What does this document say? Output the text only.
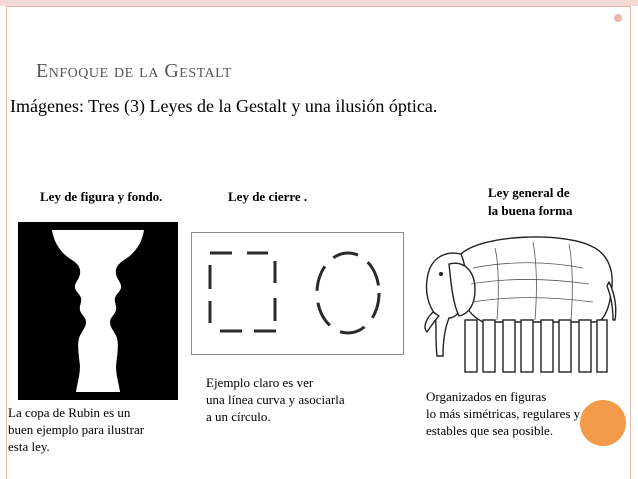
Enfoque de la Gestalt
Imágenes: Tres (3) Leyes de la Gestalt y una ilusión óptica.
Ley de figura y fondo.
La copa de Rubin es un
buen ejemplo para ilustrar
esta ley.
Ley de cierre .
Ejemplo claro es ver
una línea curva y asociarla
a un círculo.
Ley general de
la buena forma
Organizados en figuras
lo más simétricas, regulares y
estables que sea posible.
